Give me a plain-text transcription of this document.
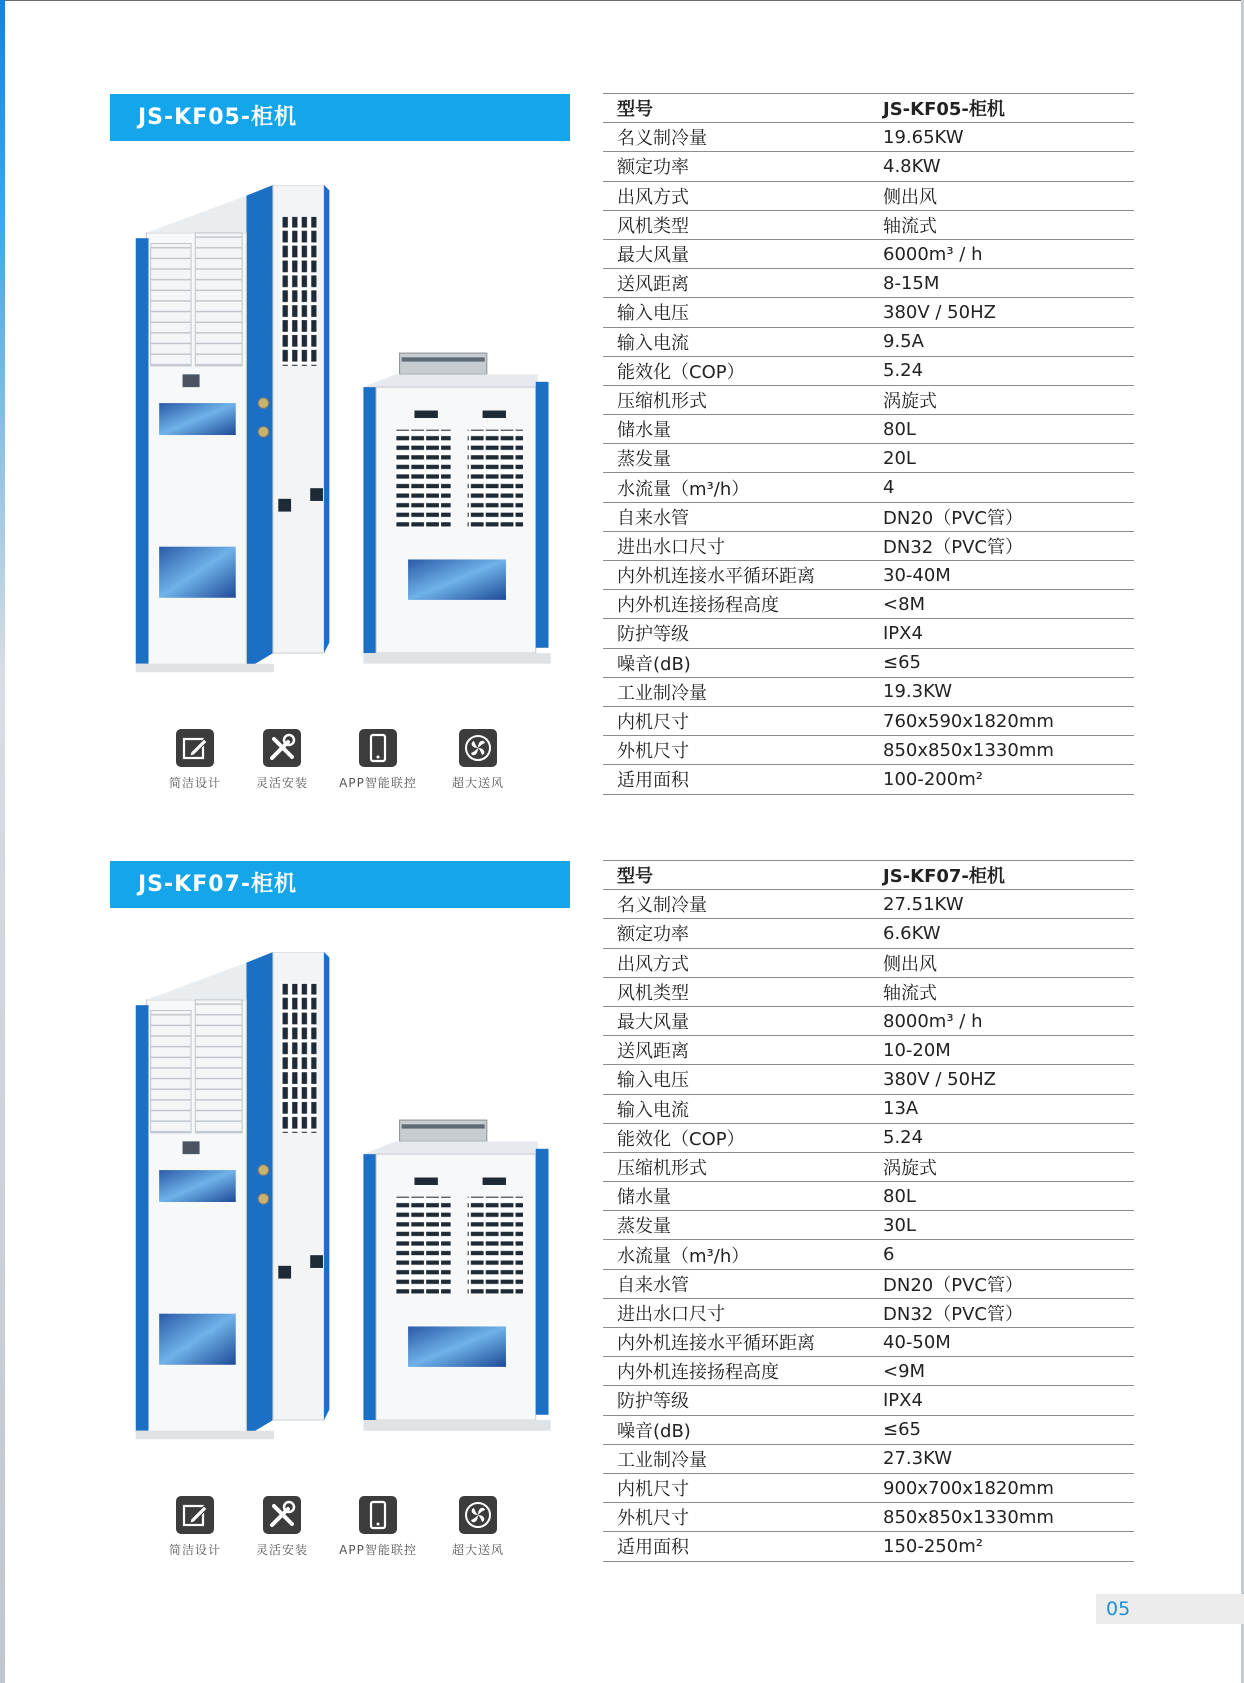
JS-KF05-柜机
简洁设计	灵活安装	APP智能联控	超大送风
型号	JS-KF05-柜机
名义制冷量	19.65KW
额定功率	4.8KW
出风方式	侧出风
风机类型	轴流式
最大风量	6000m³ / h
送风距离	8-15M
输入电压	380V / 50HZ
输入电流	9.5A
能效化（COP）	5.24
压缩机形式	涡旋式
储水量	80L
蒸发量	20L
水流量（m³/h）	4
自来水管	DN20（PVC管）
进出水口尺寸	DN32（PVC管）
内外机连接水平循环距离	30-40M
内外机连接扬程高度	<8M
防护等级	IPX4
噪音(dB)	≤65
工业制冷量	19.3KW
内机尺寸	760x590x1820mm
外机尺寸	850x850x1330mm
适用面积	100-200m²
JS-KF07-柜机
简洁设计	灵活安装	APP智能联控	超大送风
型号	JS-KF07-柜机
名义制冷量	27.51KW
额定功率	6.6KW
出风方式	侧出风
风机类型	轴流式
最大风量	8000m³ / h
送风距离	10-20M
输入电压	380V / 50HZ
输入电流	13A
能效化（COP）	5.24
压缩机形式	涡旋式
储水量	80L
蒸发量	30L
水流量（m³/h）	6
自来水管	DN20（PVC管）
进出水口尺寸	DN32（PVC管）
内外机连接水平循环距离	40-50M
内外机连接扬程高度	<9M
防护等级	IPX4
噪音(dB)	≤65
工业制冷量	27.3KW
内机尺寸	900x700x1820mm
外机尺寸	850x850x1330mm
适用面积	150-250m²
05
